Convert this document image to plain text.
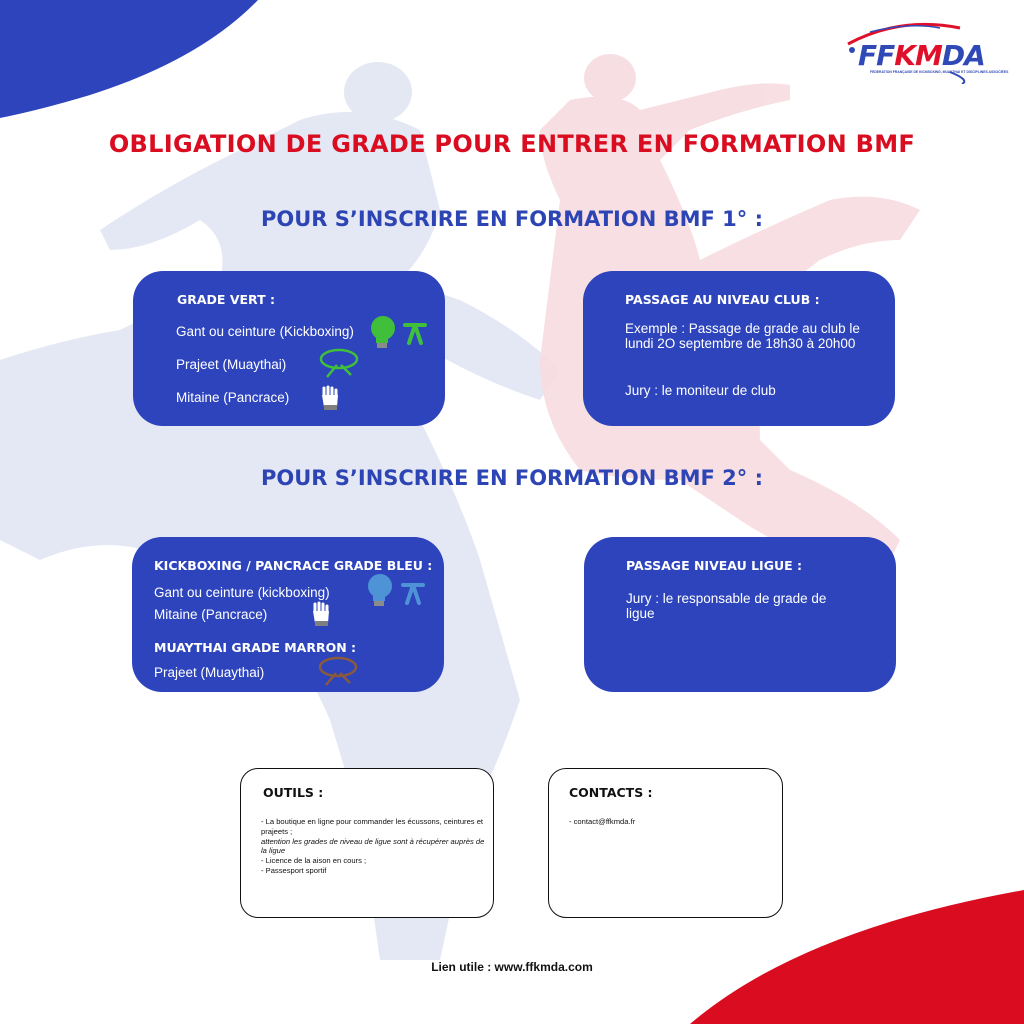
FFKMDA
FEDERATION FRANÇAISE DE KICKBOXING, MUAYTHAI ET DISCIPLINES ASSOCIÉES
OBLIGATION DE GRADE POUR ENTRER EN FORMATION BMF
POUR S’INSCRIRE EN FORMATION BMF 1° :
POUR S’INSCRIRE EN FORMATION BMF 2° :
GRADE VERT :
Gant ou ceinture (Kickboxing)
Prajeet (Muaythai)
Mitaine (Pancrace)
PASSAGE AU NIVEAU CLUB :
Exemple : Passage de grade au club le lundi 2O septembre de 18h30 à 20h00
Jury : le moniteur de club
KICKBOXING / PANCRACE GRADE BLEU :
Gant ou ceinture (kickboxing)
Mitaine (Pancrace)
MUAYTHAI GRADE MARRON :
Prajeet (Muaythai)
PASSAGE NIVEAU LIGUE :
Jury : le responsable de grade de ligue
OUTILS :
- La boutique en ligne pour commander les écussons, ceintures et prajeets ;
attention les grades de niveau de ligue sont à récupérer auprès de la ligue
- Licence de la aison en cours ;
- Passesport sportif
CONTACTS :
- contact@ffkmda.fr
Lien utile : www.ffkmda.com
